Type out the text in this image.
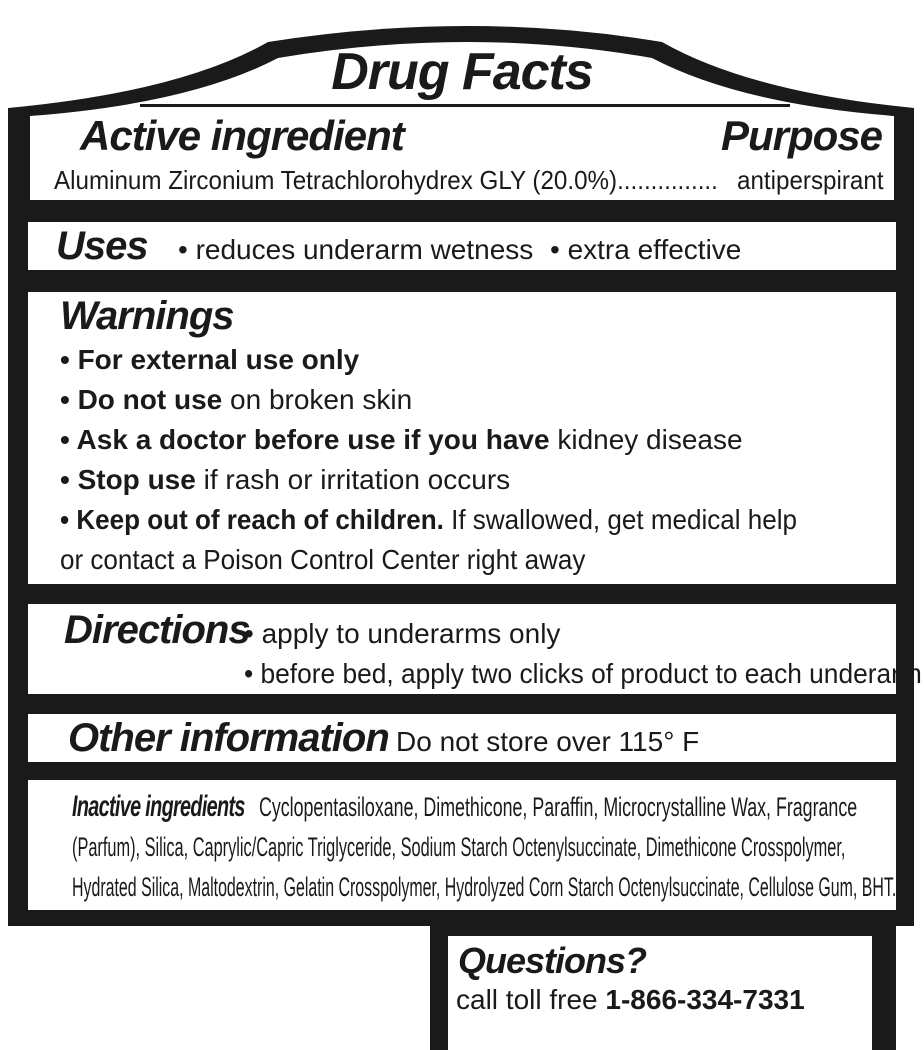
Drug Facts
Active ingredient	Purpose
Aluminum Zirconium Tetrachlorohydrex GLY (20.0%)............... antiperspirant
Uses • reduces underarm wetness • extra effective
Warnings
• For external use only
• Do not use on broken skin
• Ask a doctor before use if you have kidney disease
• Stop use if rash or irritation occurs
• Keep out of reach of children. If swallowed, get medical help
or contact a Poison Control Center right away
Directions
• apply to underarms only
• before bed, apply two clicks of product to each underarm
Other information Do not store over 115° F
Inactive ingredients Cyclopentasiloxane, Dimethicone, Paraffin, Microcrystalline Wax, Fragrance
(Parfum), Silica, Caprylic/Capric Triglyceride, Sodium Starch Octenylsuccinate, Dimethicone Crosspolymer,
Hydrated Silica, Maltodextrin, Gelatin Crosspolymer, Hydrolyzed Corn Starch Octenylsuccinate, Cellulose Gum, BHT.
Questions?
call toll free 1-866-334-7331
